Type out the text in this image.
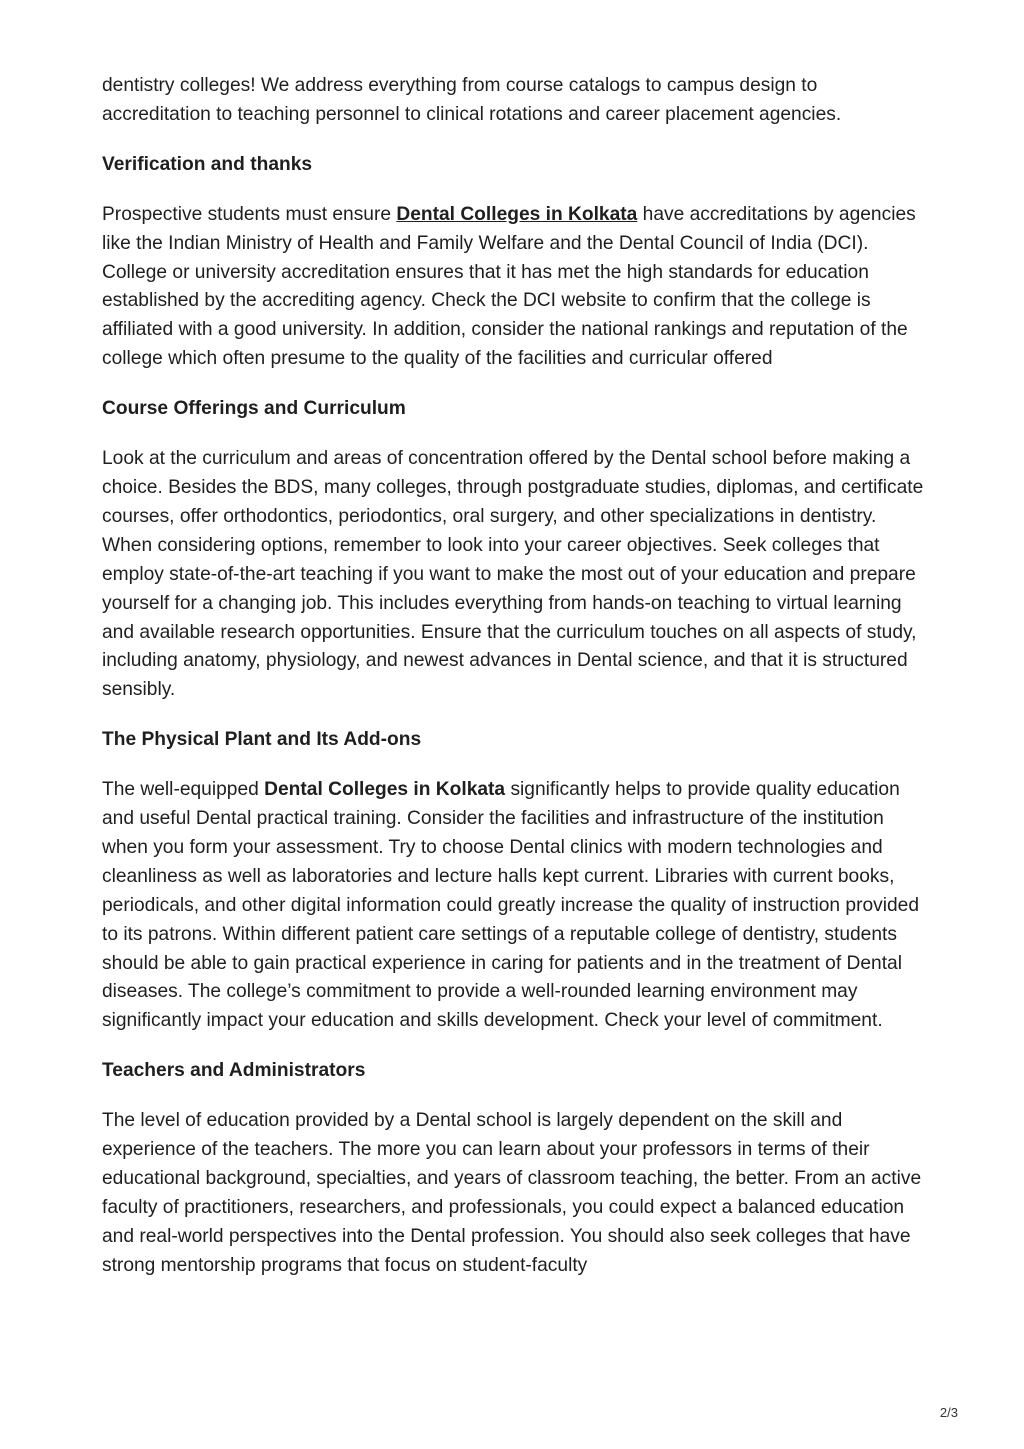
dentistry colleges! We address everything from course catalogs to campus design to accreditation to teaching personnel to clinical rotations and career placement agencies.

Verification and thanks

Prospective students must ensure Dental Colleges in Kolkata have accreditations by agencies like the Indian Ministry of Health and Family Welfare and the Dental Council of India (DCI). College or university accreditation ensures that it has met the high standards for education established by the accrediting agency. Check the DCI website to confirm that the college is affiliated with a good university. In addition, consider the national rankings and reputation of the college which often presume to the quality of the facilities and curricular offered

Course Offerings and Curriculum

Look at the curriculum and areas of concentration offered by the Dental school before making a choice. Besides the BDS, many colleges, through postgraduate studies, diplomas, and certificate courses, offer orthodontics, periodontics, oral surgery, and other specializations in dentistry. When considering options, remember to look into your career objectives. Seek colleges that employ state-of-the-art teaching if you want to make the most out of your education and prepare yourself for a changing job. This includes everything from hands-on teaching to virtual learning and available research opportunities. Ensure that the curriculum touches on all aspects of study, including anatomy, physiology, and newest advances in Dental science, and that it is structured sensibly.

The Physical Plant and Its Add-ons

The well-equipped Dental Colleges in Kolkata significantly helps to provide quality education and useful Dental practical training. Consider the facilities and infrastructure of the institution when you form your assessment. Try to choose Dental clinics with modern technologies and cleanliness as well as laboratories and lecture halls kept current. Libraries with current books, periodicals, and other digital information could greatly increase the quality of instruction provided to its patrons. Within different patient care settings of a reputable college of dentistry, students should be able to gain practical experience in caring for patients and in the treatment of Dental diseases. The college’s commitment to provide a well-rounded learning environment may significantly impact your education and skills development. Check your level of commitment.

Teachers and Administrators

The level of education provided by a Dental school is largely dependent on the skill and experience of the teachers. The more you can learn about your professors in terms of their educational background, specialties, and years of classroom teaching, the better. From an active faculty of practitioners, researchers, and professionals, you could expect a balanced education and real-world perspectives into the Dental profession. You should also seek colleges that have strong mentorship programs that focus on student-faculty

2/3
